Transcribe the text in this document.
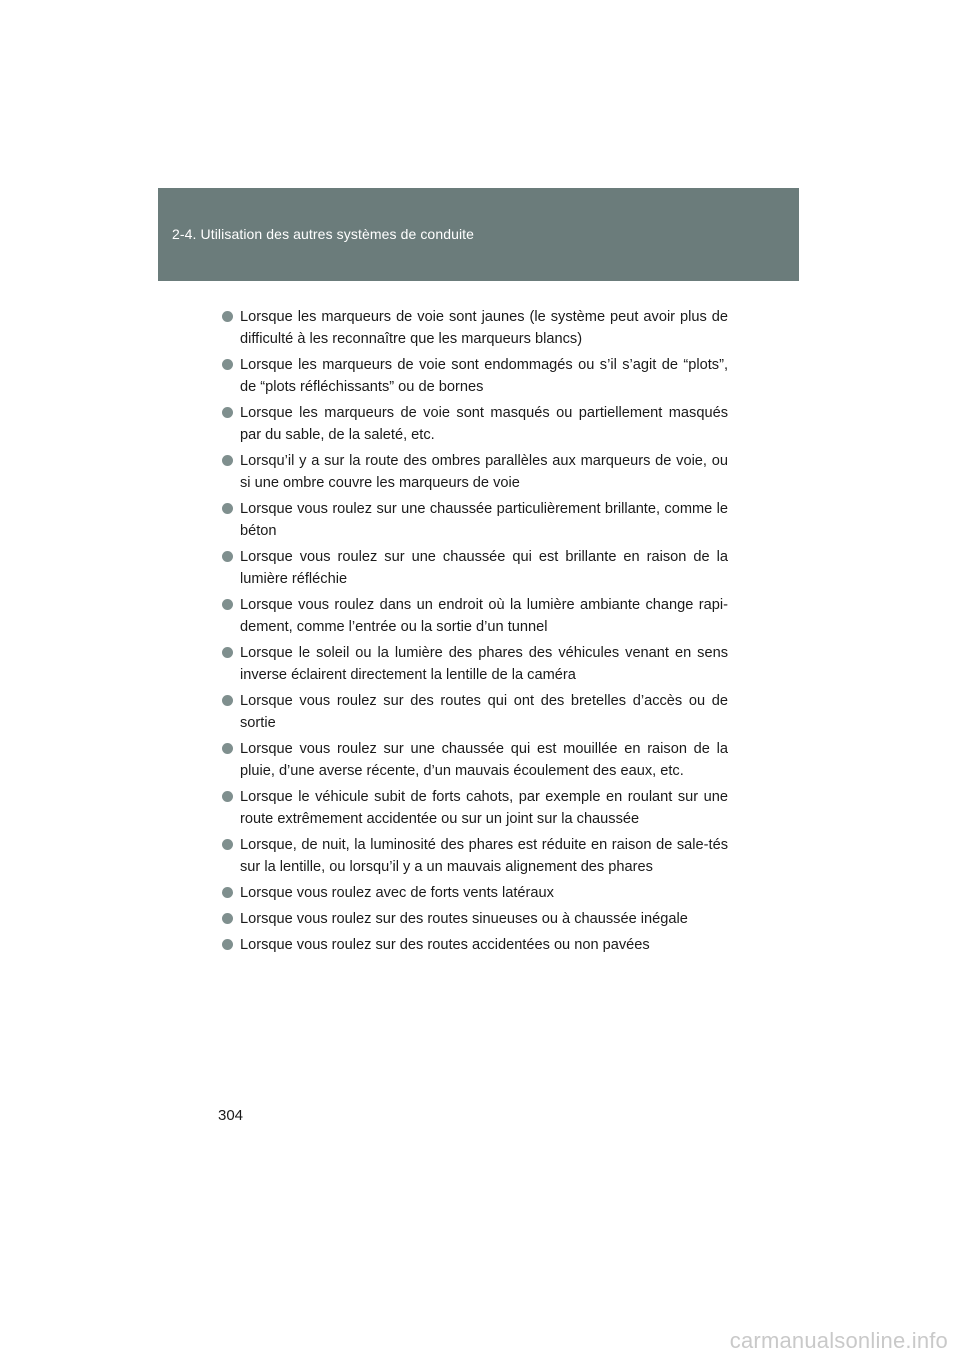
2-4. Utilisation des autres systèmes de conduite
Lorsque les marqueurs de voie sont jaunes (le système peut avoir plus de difficulté à les reconnaître que les marqueurs blancs)
Lorsque les marqueurs de voie sont endommagés ou s’il s’agit de “plots”, de “plots réfléchissants” ou de bornes
Lorsque les marqueurs de voie sont masqués ou partiellement masqués par du sable, de la saleté, etc.
Lorsqu’il y a sur la route des ombres parallèles aux marqueurs de voie, ou si une ombre couvre les marqueurs de voie
Lorsque vous roulez sur une chaussée particulièrement brillante, comme le béton
Lorsque vous roulez sur une chaussée qui est brillante en raison de la lumière réfléchie
Lorsque vous roulez dans un endroit où la lumière ambiante change rapi-dement, comme l’entrée ou la sortie d’un tunnel
Lorsque le soleil ou la lumière des phares des véhicules venant en sens inverse éclairent directement la lentille de la caméra
Lorsque vous roulez sur des routes qui ont des bretelles d’accès ou de sortie
Lorsque vous roulez sur une chaussée qui est mouillée en raison de la pluie, d’une averse récente, d’un mauvais écoulement des eaux, etc.
Lorsque le véhicule subit de forts cahots, par exemple en roulant sur une route extrêmement accidentée ou sur un joint sur la chaussée
Lorsque, de nuit, la luminosité des phares est réduite en raison de sale-tés sur la lentille, ou lorsqu’il y a un mauvais alignement des phares
Lorsque vous roulez avec de forts vents latéraux
Lorsque vous roulez sur des routes sinueuses ou à chaussée inégale
Lorsque vous roulez sur des routes accidentées ou non pavées
304
carmanualsonline.info
